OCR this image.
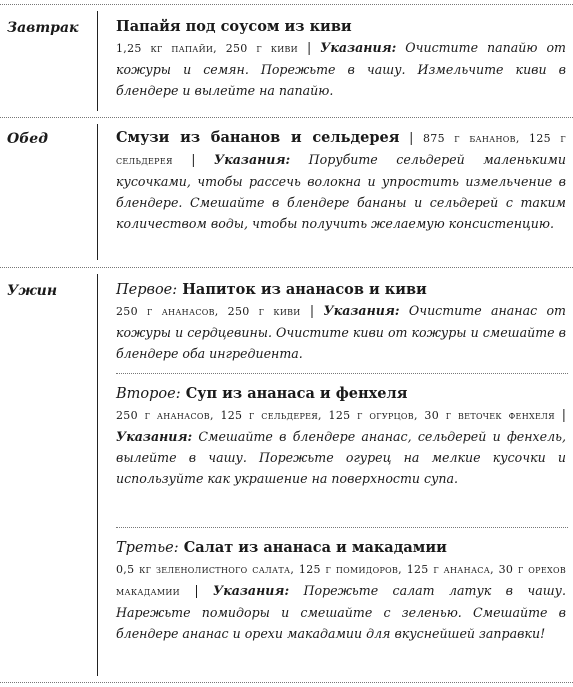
Завтрак	Папайя под соусом из киви

1,25 кг папайи, 250 г киви | Указания: Очистите папайю от кожуры и семян. Порежьте в чашу. Измельчите киви в блендере и вылейте на папайю.

Обед	Смузи из бананов и сельдерея | 875 г бананов, 125 г сельдерея | Указания: Порубите сельдерей маленькими кусочками, чтобы рассечь волокна и упростить измельчение в блендере. Смешайте в блендере бананы и сельдерей с таким количеством воды, чтобы получить желаемую консистенцию.

Ужин	Первое: Напиток из ананасов и киви

250 г ананасов, 250 г киви | Указания: Очистите ананас от кожуры и сердцевины. Очистите киви от кожуры и смешайте в блендере оба ингредиента.

Второе: Суп из ананаса и фенхеля

250 г ананасов, 125 г сельдерея, 125 г огурцов, 30 г веточек фенхеля | Указания: Смешайте в блендере ананас, сельдерей и фенхель, вылейте в чашу. Порежьте огурец на мелкие кусочки и используйте как украшение на поверхности супа.

Третье: Салат из ананаса и макадамии

0,5 кг зеленолистного салата, 125 г помидоров, 125 г ананаса, 30 г орехов макадамии | Указания: Порежьте салат латук в чашу. Нарежьте помидоры и смешайте с зеленью. Смешайте в блендере ананас и орехи макадамии для вкуснейшей заправки!
